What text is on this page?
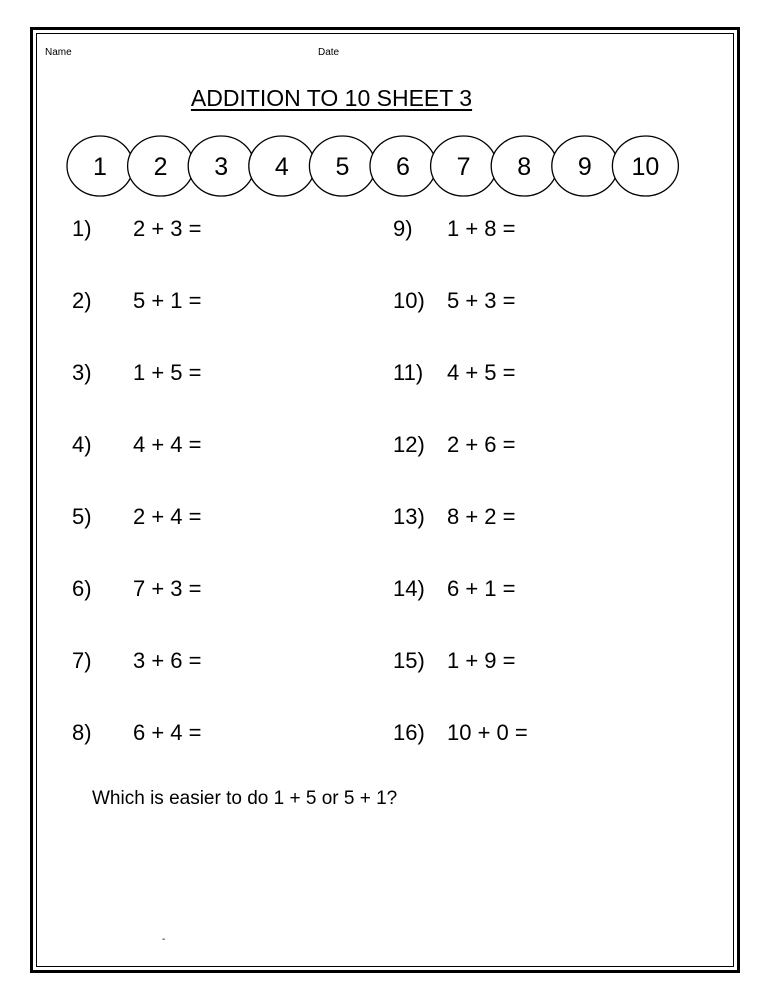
Name	Date
ADDITION TO 10 SHEET 3
1 2 3 4 5 6 7 8 9 10
1) 2 + 3 =
2) 5 + 1 =
3) 1 + 5 =
4) 4 + 4 =
5) 2 + 4 =
6) 7 + 3 =
7) 3 + 6 =
8) 6 + 4 =
9) 1 + 8 =
10) 5 + 3 =
11) 4 + 5 =
12) 2 + 6 =
13) 8 + 2 =
14) 6 + 1 =
15) 1 + 9 =
16) 10 + 0 =
Which is easier to do 1 + 5 or 5 + 1?
-
